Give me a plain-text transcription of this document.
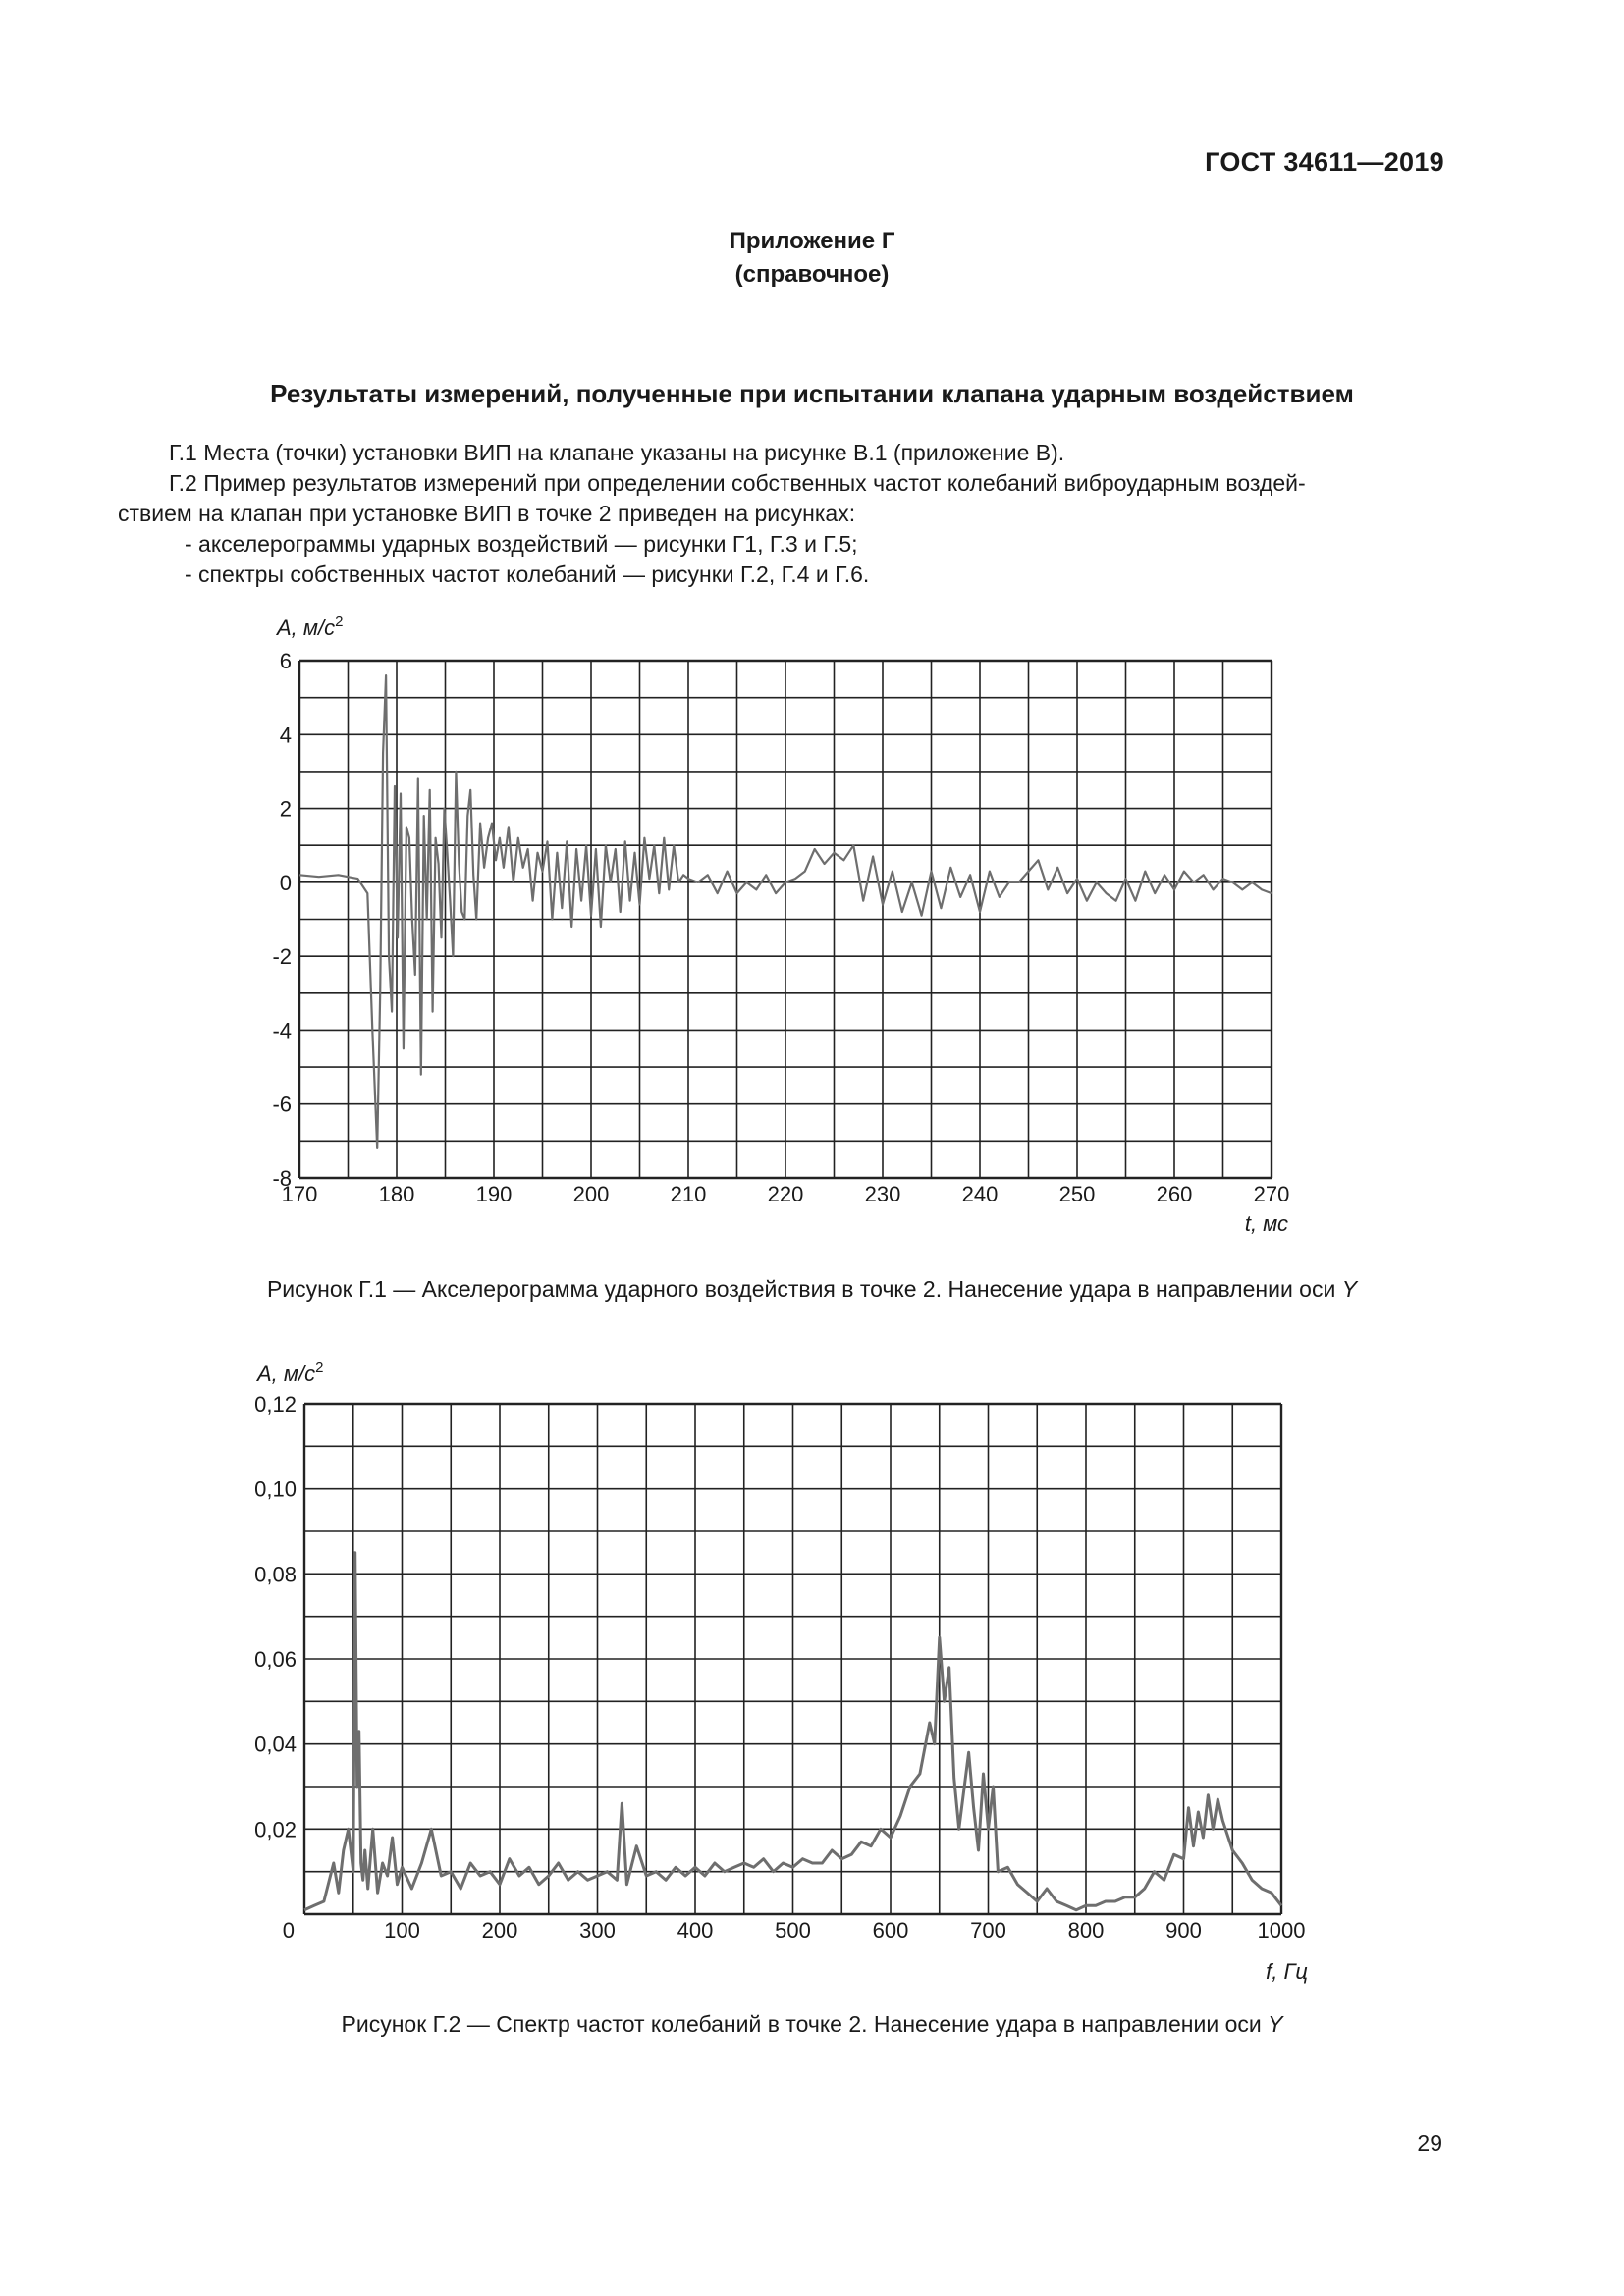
ГОСТ 34611—2019
Приложение Г
(справочное)
Результаты измерений, полученные при испытании клапана ударным воздействием
Г.1 Места (точки) установки ВИП на клапане указаны на рисунке В.1 (приложение В).
Г.2 Пример результатов измерений при определении собственных частот колебаний виброударным воздей-
ствием на клапан при установке ВИП в точке 2 приведен на рисунках:
- акселерограммы ударных воздействий — рисунки Г1, Г.3 и Г.5;
- спектры собственных частот колебаний — рисунки Г.2, Г.4 и Г.6.
A, $м/с^2$
170	180	190	200	210	220	230	240	250	260	270
6
4
2
0
-2
-4
-6
-8
t, мс
Рисунок Г.1 — Акселерограмма ударного воздействия в точке 2. Нанесение удара в направлении оси Y
A, $м/с^2$
0	100	200	300	400	500	600	700	800	900	1000
0,12
0,10
0,08
0,06
0,04
0,02
f, Гц
Рисунок Г.2 — Спектр частот колебаний в точке 2. Нанесение удара в направлении оси Y
29
